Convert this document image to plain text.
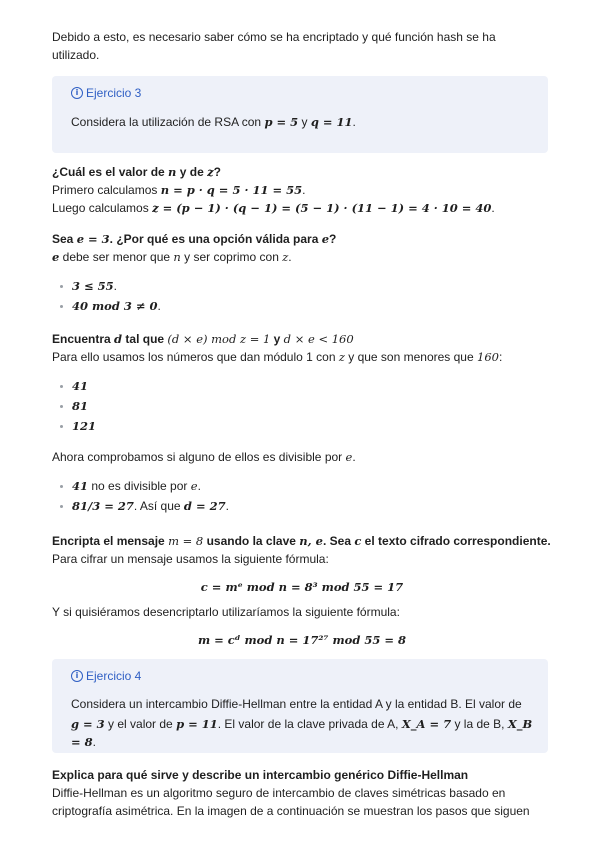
Debido a esto, es necesario saber cómo se ha encriptado y qué función hash se ha utilizado.

i Ejercicio 3
Considera la utilización de RSA con p = 5 y q = 11.
¿Cuál es el valor de n y de z?

Primero calculamos n = p · q = 5 · 11 = 55.

Luego calculamos z = (p − 1) · (q − 1) = (5 − 1) · (11 − 1) = 4 · 10 = 40.

Sea e = 3. ¿Por qué es una opción válida para e?

e debe ser menor que n y ser coprimo con z.

3 ≤ 55.
40 mod 3 ≠ 0.
Encuentra d tal que (d × e) mod z = 1 y d × e < 160

Para ello usamos los números que dan módulo 1 con z y que son menores que 160:

41
81
121

Ahora comprobamos si alguno de ellos es divisible por e.

41 no es divisible por e.
81/3 = 27. Así que d = 27.
Encripta el mensaje m = 8 usando la clave n, e. Sea c el texto cifrado correspondiente.

Para cifrar un mensaje usamos la siguiente fórmula:

c = mᵉ mod n = 8³ mod 55 = 17

Y si quisiéramos desencriptarlo utilizaríamos la siguiente fórmula:

m = cᵈ mod n = 17²⁷ mod 55 = 8

i Ejercicio 4

Considera un intercambio Diffie-Hellman entre la entidad A y la entidad B. El valor de

g = 3 y el valor de p = 11. El valor de la clave privada de A, X_A = 7 y la de B, X_B = 8.

Explica para qué sirve y describe un intercambio genérico Diffie-Hellman

Diffie-Hellman es un algoritmo seguro de intercambio de claves simétricas basado en

criptografía asimétrica. En la imagen de a continuación se muestran los pasos que siguen
